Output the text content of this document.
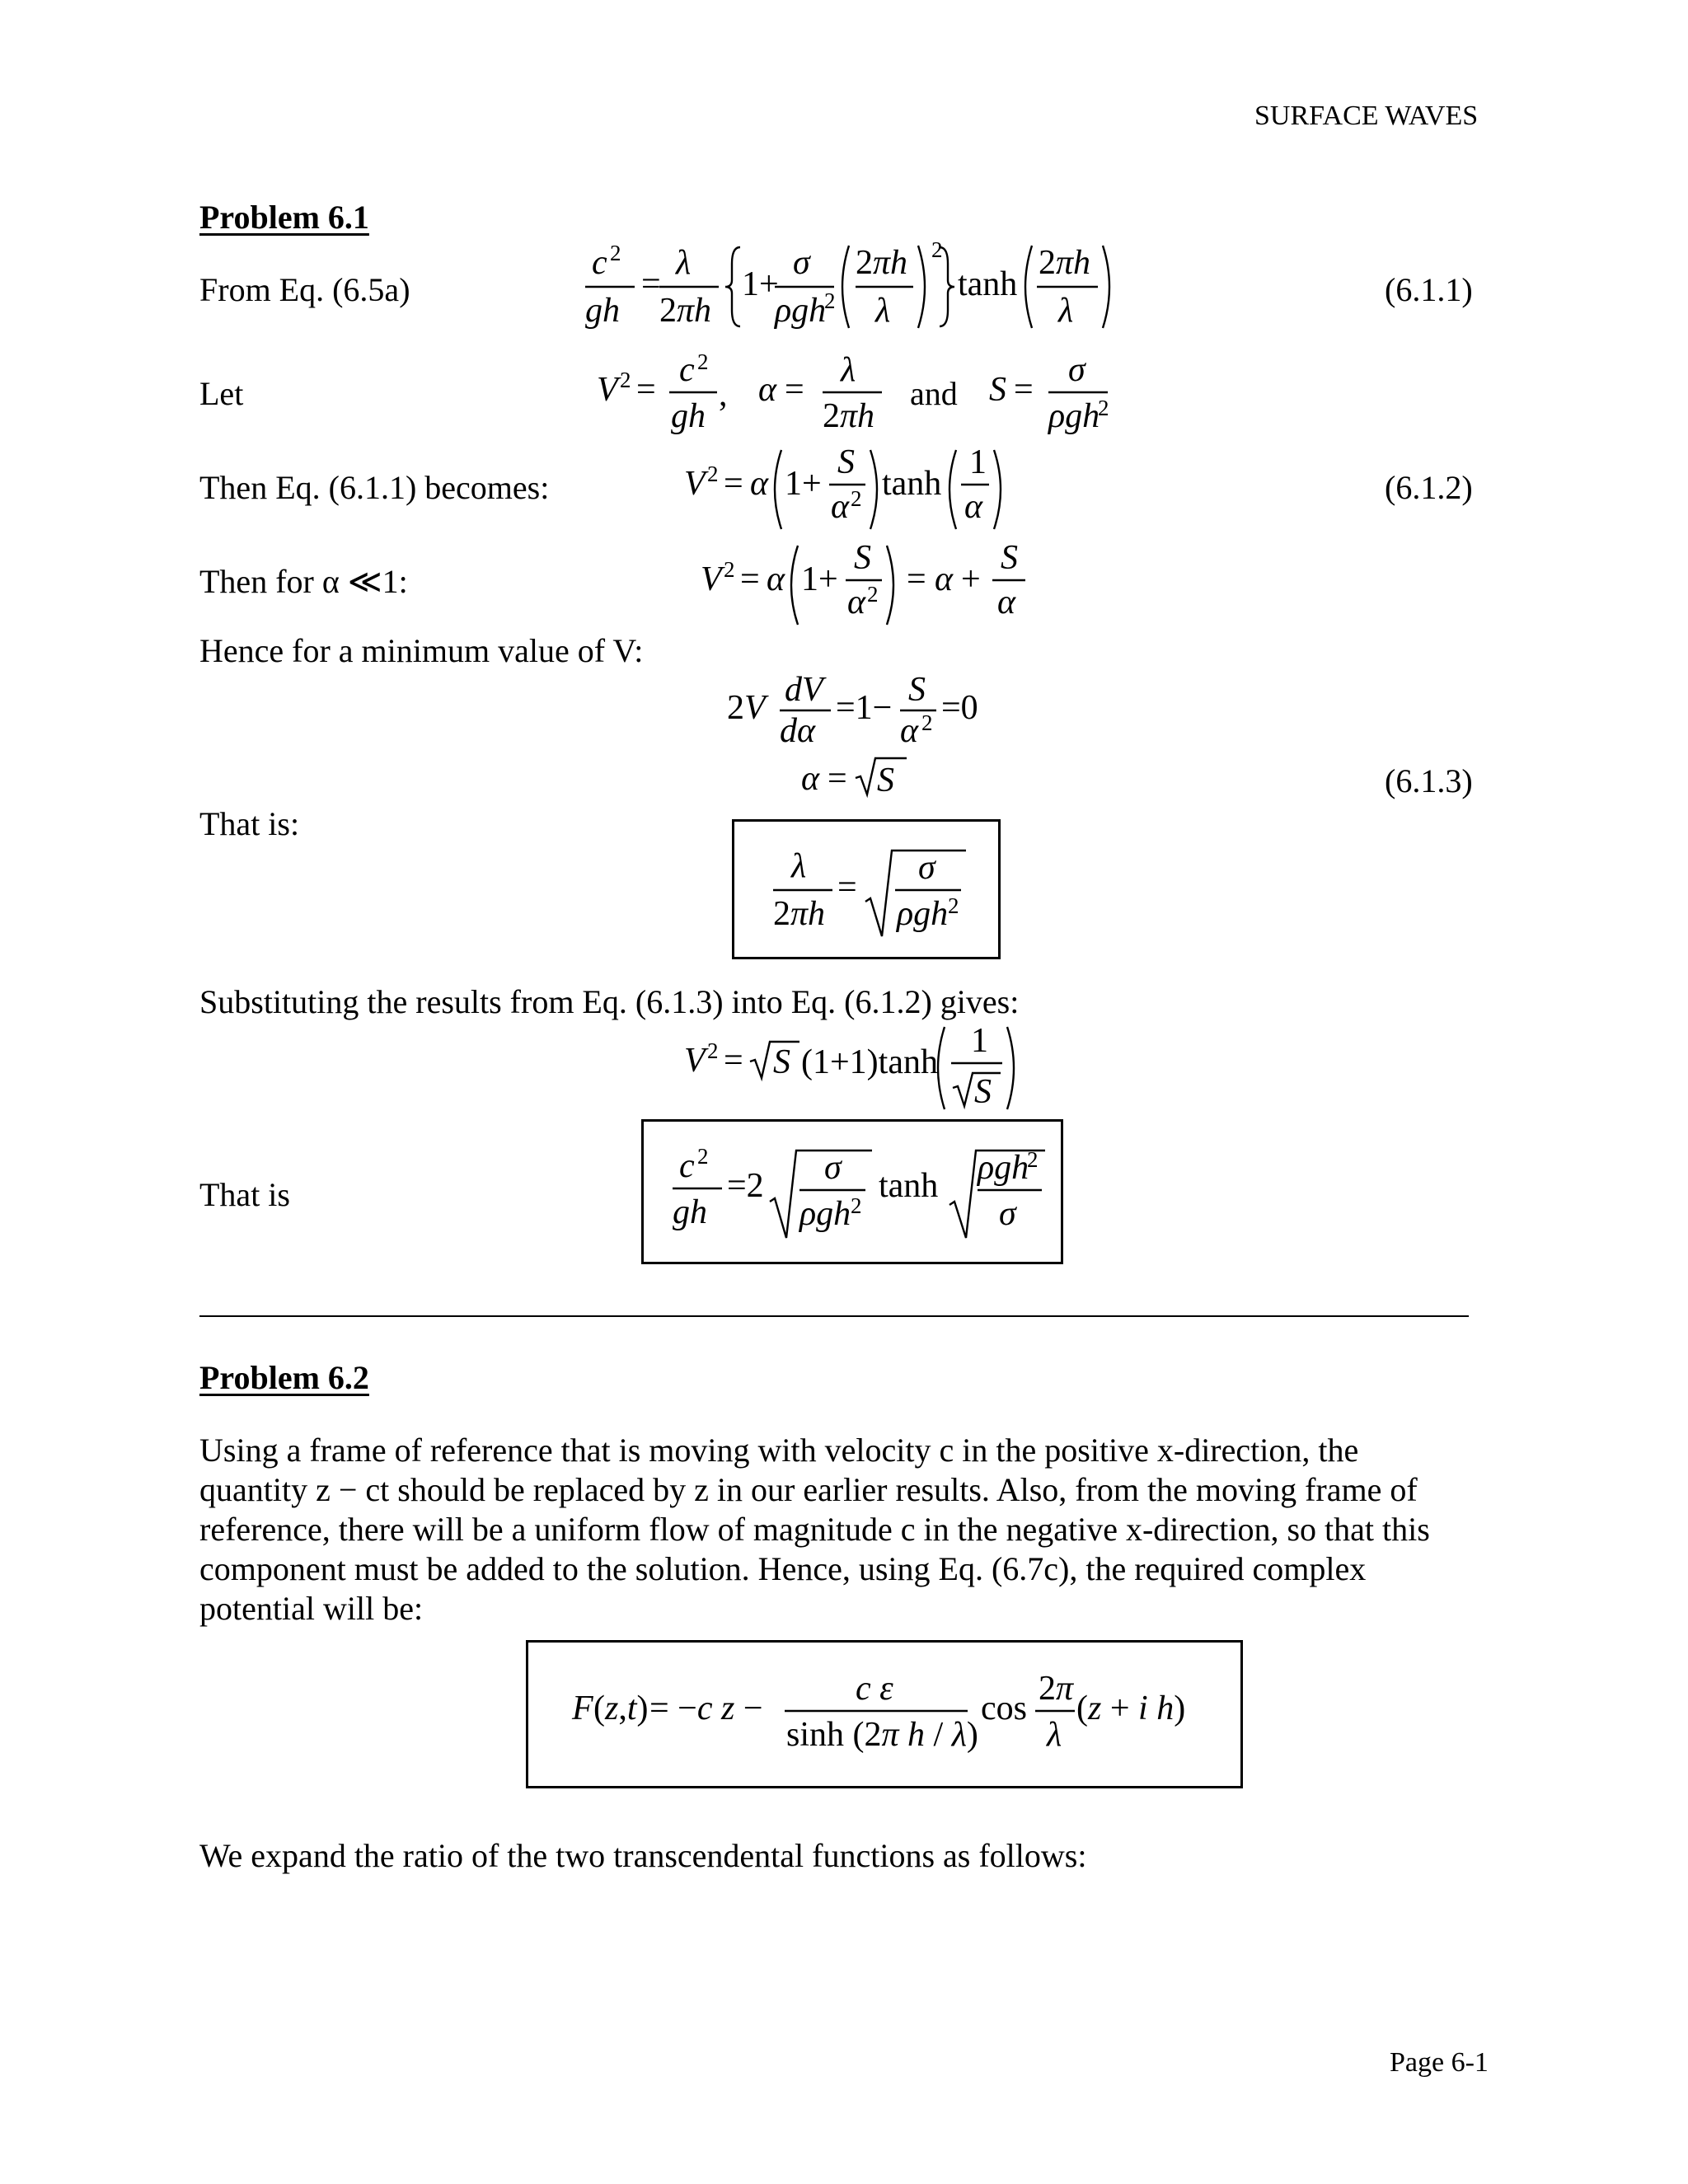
SURFACE WAVES
Problem 6.1
From Eq. (6.5a)	(6.1.1)
c 2
gh
=
λ
2πh
1+
σ
ρgh
2
2πh
λ
2
tanh
2πh
λ
Let	V 2 =
c 2
gh
, α =
λ
2πh
and S =
σ
ρgh
2
Then Eq. (6.1.1) becomes:	(6.1.2)
V 2 = α 1+
S
α 2 tanh
1
α
Then for α ≪1:	V 2 = α 1+
S
α 2 = α +
S
α
Hence for a minimum value of V:
2V dV
dα
=1− S
α 2 =0
α = S	(6.1.3)
That is:
λ
2πh
=
σ
ρgh 2
Substituting the results from Eq. (6.1.3) into Eq. (6.1.2) gives:
V 2 = S (1+1)tanh
1
S
That is
c 2
gh
=2 σ
ρgh 2
tanh ρgh
2
σ
Problem 6.2
Using a frame of reference that is moving with velocity c in the positive x-direction, the
quantity z − ct should be replaced by z in our earlier results. Also, from the moving frame of
reference, there will be a uniform flow of magnitude c in the negative x-direction, so that this
component must be added to the solution. Hence, using Eq. (6.7c), the required complex
potential will be:
F (z,t) = −c z −
c ε
sinh (2π h / λ)
cos
2π
λ
(z + i h)
We expand the ratio of the two transcendental functions as follows:
Page 6-1
